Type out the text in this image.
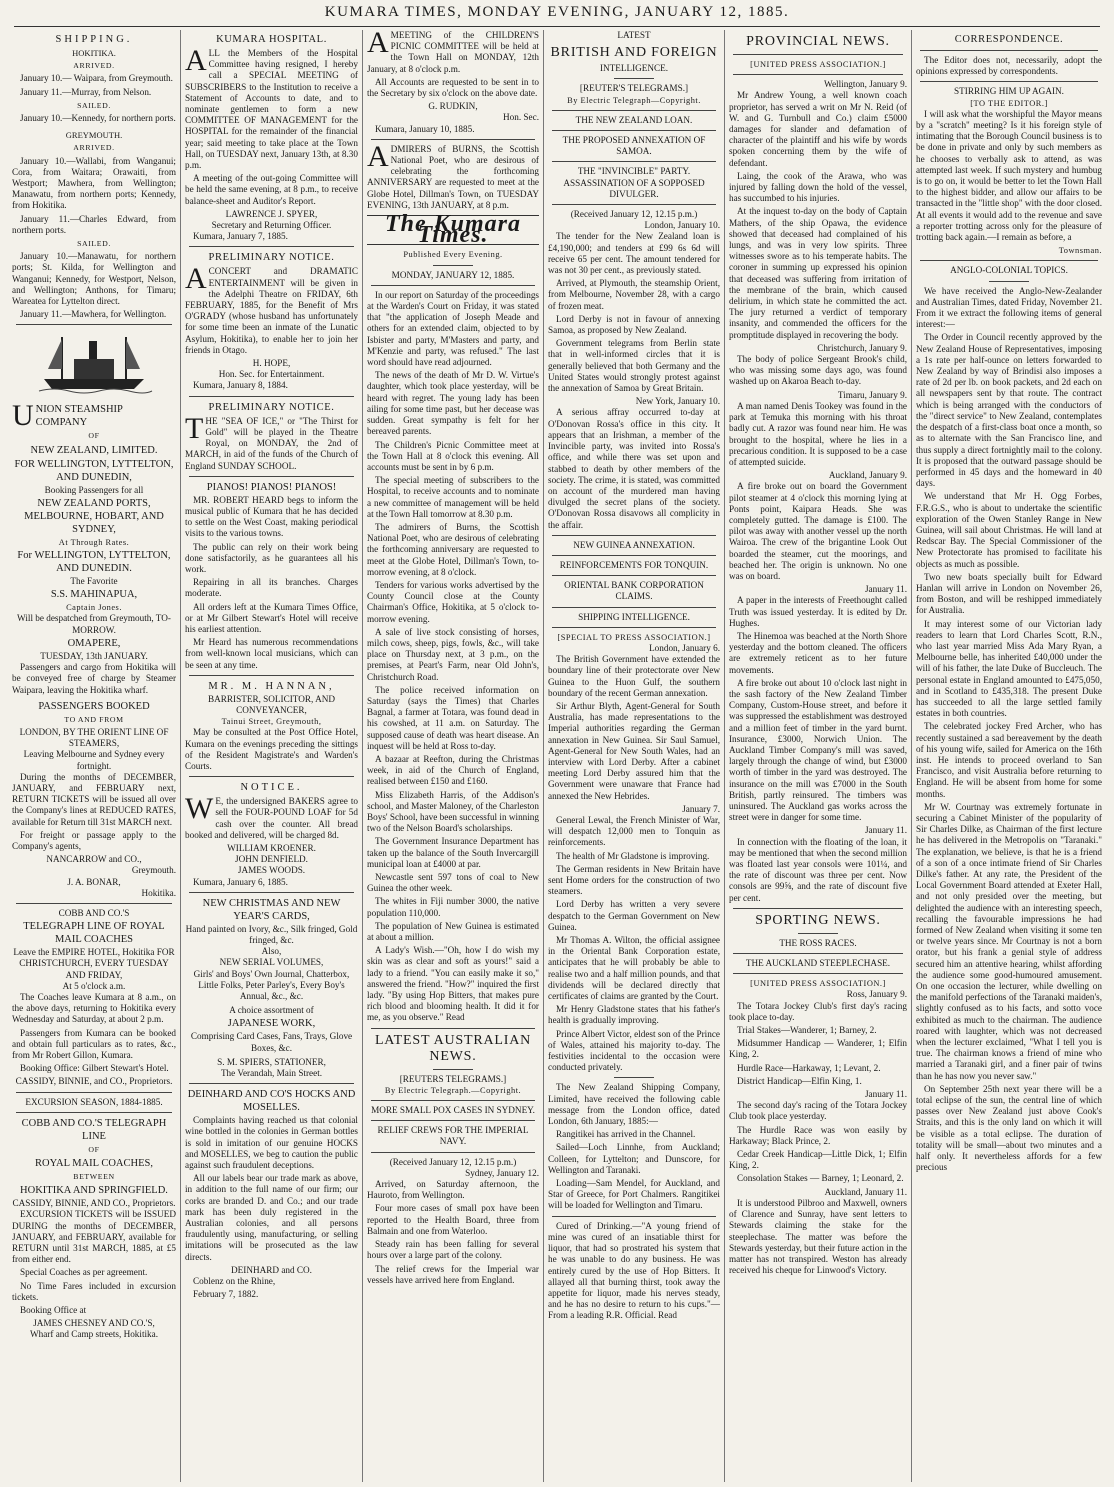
KUMARA TIMES, MONDAY EVENING, JANUARY 12, 1885.
SHIPPING.
HOKITIKA.
ARRIVED.

January 10.— Waipara, from Greymouth.

January 11.—Murray, from Nelson.

SAILED.

January 10.—Kennedy, for northern ports.

GREYMOUTH.
ARRIVED.

January 10.—Wallabi, from Wanganui; Cora, from Waitara; Orawaiti, from Westport; Mawhera, from Wellington; Manawatu, from northern ports; Kennedy, from Hokitika.

January 11.—Charles Edward, from northern ports.

SAILED.

January 10.—Manawatu, for northern ports; St. Kilda, for Wellington and Wanganui; Kennedy, for Westport, Nelson, and Wellington; Anthons, for Timaru; Wareatea for Lyttelton direct.

January 11.—Mawhera, for Wellington.

UNION STEAMSHIP COMPANY
OF
NEW ZEALAND, LIMITED.
FOR WELLINGTON, LYTTELTON, AND DUNEDIN,
Booking Passengers for all
NEW ZEALAND PORTS, MELBOURNE, HOBART, AND SYDNEY,
At Through Rates.
For WELLINGTON, LYTTELTON, AND DUNEDIN.
The Favorite
S.S. MAHINAPUA,
Captain Jones.
Will be despatched from Greymouth, TO-MORROW.
OMAPERE,
TUESDAY, 13th JANUARY.

Passengers and cargo from Hokitika will be conveyed free of charge by Steamer Waipara, leaving the Hokitika wharf.

PASSENGERS BOOKED
TO AND FROM
LONDON, BY THE ORIENT LINE OF STEAMERS,
Leaving Melbourne and Sydney every fortnight.

During the months of DECEMBER, JANUARY, and FEBRUARY next, RETURN TICKETS will be issued all over the Company's lines at REDUCED RATES, available for Return till 31st MARCH next.

For freight or passage apply to the Company's agents,

NANCARROW and CO.,
Greymouth.
J. A. BONAR,
Hokitika.
COBB AND CO.'S
TELEGRAPH LINE OF ROYAL MAIL COACHES
Leave the EMPIRE HOTEL, Hokitika FOR CHRISTCHURCH, EVERY TUESDAY AND FRIDAY,
At 5 o'clock a.m.

The Coaches leave Kumara at 8 a.m., on the above days, returning to Hokitika every Wednesday and Saturday, at about 2 p.m.

Passengers from Kumara can be booked and obtain full particulars as to rates, &c., from Mr Robert Gillon, Kumara.

Booking Office: Gilbert Stewart's Hotel.

CASSIDY, BINNIE, and CO., Proprietors.
EXCURSION SEASON, 1884-1885.
COBB AND CO.'S TELEGRAPH LINE
OF
ROYAL MAIL COACHES,
BETWEEN
HOKITIKA AND SPRINGFIELD.
CASSIDY, BINNIE, AND CO., Proprietors.

EXCURSION TICKETS will be ISSUED DURING the months of DECEMBER, JANUARY, and FEBRUARY, available for RETURN until 31st MARCH, 1885, at £5 from either end.

Special Coaches as per agreement.

No Time Fares included in excursion tickets.

Booking Office at

JAMES CHESNEY AND CO.'S,
Wharf and Camp streets, Hokitika.
KUMARA HOSPITAL.

ALL the Members of the Hospital Committee having resigned, I hereby call a SPECIAL MEETING of SUBSCRIBERS to the Institution to receive a Statement of Accounts to date, and to nominate gentlemen to form a new COMMITTEE OF MANAGEMENT for the HOSPITAL for the remainder of the financial year; said meeting to take place at the Town Hall, on TUESDAY next, January 13th, at 8.30 p.m.

A meeting of the out-going Committee will be held the same evening, at 8 p.m., to receive balance-sheet and Auditor's Report.

LAWRENCE J. SPYER,
Secretary and Returning Officer.

Kumara, January 7, 1885.

PRELIMINARY NOTICE.

ACONCERT and DRAMATIC ENTERTAINMENT will be given in the Adelphi Theatre on FRIDAY, 6th FEBRUARY, 1885, for the Benefit of Mrs O'GRADY (whose husband has unfortunately for some time been an inmate of the Lunatic Asylum, Hokitika), to enable her to join her friends in Otago.

H. HOPE,
Hon. Sec. for Entertainment.

Kumara, January 8, 1884.

PRELIMINARY NOTICE.

THE "SEA OF ICE," or "The Thirst for Gold" will be played in the Theatre Royal, on MONDAY, the 2nd of MARCH, in aid of the funds of the Church of England SUNDAY SCHOOL.

PIANOS! PIANOS! PIANOS!

MR. ROBERT HEARD begs to inform the musical public of Kumara that he has decided to settle on the West Coast, making periodical visits to the various towns.

The public can rely on their work being done satisfactorily, as he guarantees all his work.

Repairing in all its branches. Charges moderate.

All orders left at the Kumara Times Office, or at Mr Gilbert Stewart's Hotel will receive his earliest attention.

Mr Heard has numerous recommendations from well-known local musicians, which can be seen at any time.

MR. M. HANNAN,
BARRISTER, SOLICITOR, AND CONVEYANCER,
Tainui Street, Greymouth,

May be consulted at the Post Office Hotel, Kumara on the evenings preceding the sittings of the Resident Magistrate's and Warden's Courts.

NOTICE.

WE, the undersigned BAKERS agree to sell the FOUR-POUND LOAF for 5d cash over the counter. All bread booked and delivered, will be charged 8d.

WILLIAM KROENER.
JOHN DENFIELD.
JAMES WOODS.

Kumara, January 6, 1885.

NEW CHRISTMAS AND NEW YEAR'S CARDS,
Hand painted on Ivory, &c., Silk fringed, Gold fringed, &c.
Also,
NEW SERIAL VOLUMES,
Girls' and Boys' Own Journal, Chatterbox, Little Folks, Peter Parley's, Every Boy's Annual, &c., &c.
A choice assortment of
JAPANESE WORK,
Comprising Card Cases, Fans, Trays, Glove Boxes, &c.
S. M. SPIERS, STATIONER,
The Verandah, Main Street.
DEINHARD AND CO'S HOCKS AND MOSELLES.

Complaints having reached us that colonial wine bottled in the colonies in German bottles is sold in imitation of our genuine HOCKS and MOSELLES, we beg to caution the public against such fraudulent deceptions.

All our labels bear our trade mark as above, in addition to the full name of our firm; our corks are branded D. and Co.; and our trade mark has been duly registered in the Australian colonies, and all persons fraudulently using, manufacturing, or selling imitations will be prosecuted as the law directs.

DEINHARD and CO.

Coblenz on the Rhine,

February 7, 1882.

AMEETING of the CHILDREN'S PICNIC COMMITTEE will be held at the Town Hall on MONDAY, 12th January, at 8 o'clock p.m.

All Accounts are requested to be sent in to the Secretary by six o'clock on the above date.

G. RUDKIN,
Hon. Sec.

Kumara, January 10, 1885.

ADMIRERS of BURNS, the Scottish National Poet, who are desirous of celebrating the forthcoming ANNIVERSARY are requested to meet at the Globe Hotel, Dillman's Town, on TUESDAY EVENING, 13th JANUARY, at 8 p.m.

The Kumara Times.
Published Every Evening.
MONDAY, JANUARY 12, 1885.

In our report on Saturday of the proceedings at the Warden's Court on Friday, it was stated that "the application of Joseph Meade and others for an extended claim, objected to by Isbister and party, M'Masters and party, and M'Kenzie and party, was refused." The last word should have read adjourned.

The news of the death of Mr D. W. Virtue's daughter, which took place yesterday, will be heard with regret. The young lady has been ailing for some time past, but her decease was sudden. Great sympathy is felt for her bereaved parents.

The Children's Picnic Committee meet at the Town Hall at 8 o'clock this evening. All accounts must be sent in by 6 p.m.

The special meeting of subscribers to the Hospital, to receive accounts and to nominate a new committee of management will be held at the Town Hall tomorrow at 8.30 p.m.

The admirers of Burns, the Scottish National Poet, who are desirous of celebrating the forthcoming anniversary are requested to meet at the Globe Hotel, Dillman's Town, to-morrow evening, at 8 o'clock.

Tenders for various works advertised by the County Council close at the County Chairman's Office, Hokitika, at 5 o'clock to-morrow evening.

A sale of live stock consisting of horses, milch cows, sheep, pigs, fowls, &c., will take place on Thursday next, at 3 p.m., on the premises, at Peart's Farm, near Old John's, Christchurch Road.

The police received information on Saturday (says the Times) that Charles Bagnal, a farmer at Totara, was found dead in his cowshed, at 11 a.m. on Saturday. The supposed cause of death was heart disease. An inquest will be held at Ross to-day.

A bazaar at Reefton, during the Christmas week, in aid of the Church of England, realised between £150 and £160.

Miss Elizabeth Harris, of the Addison's school, and Master Maloney, of the Charleston Boys' School, have been successful in winning two of the Nelson Board's scholarships.

The Government Insurance Department has taken up the balance of the South Invercargill municipal loan at £4000 at par.

Newcastle sent 597 tons of coal to New Guinea the other week.

The whites in Fiji number 3000, the native population 110,000.

The population of New Guinea is estimated at about a million.

A Lady's Wish.—"Oh, how I do wish my skin was as clear and soft as yours!" said a lady to a friend. "You can easily make it so," answered the friend. "How?" inquired the first lady. "By using Hop Bitters, that makes pure rich blood and blooming health. It did it for me, as you observe." Read

LATEST AUSTRALIAN NEWS.
[REUTERS TELEGRAMS.]
By Electric Telegraph.—Copyright.
MORE SMALL POX CASES IN SYDNEY.
RELIEF CREWS FOR THE IMPERIAL NAVY.
(Received January 12, 12.15 p.m.)
Sydney, January 12.

Arrived, on Saturday afternoon, the Hauroto, from Wellington.

Four more cases of small pox have been reported to the Health Board, three from Balmain and one from Waterloo.

Steady rain has been falling for several hours over a large part of the colony.

The relief crews for the Imperial war vessels have arrived here from England.

LATEST
BRITISH AND FOREIGN
INTELLIGENCE.
[REUTER'S TELEGRAMS.]
By Electric Telegraph—Copyright.
THE NEW ZEALAND LOAN.
THE PROPOSED ANNEXATION OF SAMOA.
THE "INVINCIBLE" PARTY. ASSASSINATION OF A SOPPOSED DIVULGER.
(Received January 12, 12.15 p.m.)
London, January 10.

The tender for the New Zealand loan is £4,190,000; and tenders at £99 6s 6d will receive 65 per cent. The amount tendered for was not 30 per cent., as previously stated.

Arrived, at Plymouth, the steamship Orient, from Melbourne, November 28, with a cargo of frozen meat.

Lord Derby is not in favour of annexing Samoa, as proposed by New Zealand.

Government telegrams from Berlin state that in well-informed circles that it is generally believed that both Germany and the United States would strongly protest against the annexation of Samoa by Great Britain.

New York, January 10.

A serious affray occurred to-day at O'Donovan Rossa's office in this city. It appears that an Irishman, a member of the Invincible party, was invited into Rossa's office, and while there was set upon and stabbed to death by other members of the society. The crime, it is stated, was committed on account of the murdered man having divulged the secret plans of the society. O'Donovan Rossa disavows all complicity in the affair.

NEW GUINEA ANNEXATION.
REINFORCEMENTS FOR TONQUIN.
ORIENTAL BANK CORPORATION CLAIMS.
SHIPPING INTELLIGENCE.
[SPECIAL TO PRESS ASSOCIATION.]
London, January 6.

The British Government have extended the boundary line of their protectorate over New Guinea to the Huon Gulf, the southern boundary of the recent German annexation.

Sir Arthur Blyth, Agent-General for South Australia, has made representations to the Imperial authorities regarding the German annexation in New Guinea. Sir Saul Samuel, Agent-General for New South Wales, had an interview with Lord Derby. After a cabinet meeting Lord Derby assured him that the Government were unaware that France had annexed the New Hebrides.

January 7.

General Lewal, the French Minister of War, will despatch 12,000 men to Tonquin as reinforcements.

The health of Mr Gladstone is improving.

The German residents in New Britain have sent Home orders for the construction of two steamers.

Lord Derby has written a very severe despatch to the German Government on New Guinea.

Mr Thomas A. Wilton, the official assignee in the Oriental Bank Corporation estate, anticipates that he will probably be able to realise two and a half million pounds, and that dividends will be declared directly that certificates of claims are granted by the Court.

Mr Henry Gladstone states that his father's health is gradually improving.

Prince Albert Victor, eldest son of the Prince of Wales, attained his majority to-day. The festivities incidental to the occasion were conducted privately.

The New Zealand Shipping Company, Limited, have received the following cable message from the London office, dated London, 6th January, 1885:—

Rangitikei has arrived in the Channel.

Sailed—Loch Linnhe, from Auckland; Colleen, for Lyttelton; and Dunscore, for Wellington and Taranaki.

Loading—Sam Mendel, for Auckland, and Star of Greece, for Port Chalmers. Rangitikei will be loaded for Wellington and Timaru.

Cured of Drinking.—"A young friend of mine was cured of an insatiable thirst for liquor, that had so prostrated his system that he was unable to do any business. He was entirely cured by the use of Hop Bitters. It allayed all that burning thirst, took away the appetite for liquor, made his nerves steady, and he has no desire to return to his cups."—From a leading R.R. Official. Read

PROVINCIAL NEWS.
[UNITED PRESS ASSOCIATION.]
Wellington, January 9.

Mr Andrew Young, a well known coach proprietor, has served a writ on Mr N. Reid (of W. and G. Turnbull and Co.) claim £5000 damages for slander and defamation of character of the plaintiff and his wife by words spoken concerning them by the wife of defendant.

Laing, the cook of the Arawa, who was injured by falling down the hold of the vessel, has succumbed to his injuries.

At the inquest to-day on the body of Captain Mathers, of the ship Opawa, the evidence showed that deceased had complained of his lungs, and was in very low spirits. Three witnesses swore as to his temperate habits. The coroner in summing up expressed his opinion that deceased was suffering from irritation of the membrane of the brain, which caused delirium, in which state he committed the act. The jury returned a verdict of temporary insanity, and commended the officers for the promptitude displayed in recovering the body.

Christchurch, January 9.

The body of police Sergeant Brook's child, who was missing some days ago, was found washed up on Akaroa Beach to-day.

Timaru, January 9.

A man named Denis Tookey was found in the park at Temuka this morning with his throat badly cut. A razor was found near him. He was brought to the hospital, where he lies in a precarious condition. It is supposed to be a case of attempted suicide.

Auckland, January 9.

A fire broke out on board the Government pilot steamer at 4 o'clock this morning lying at Ponts point, Kaipara Heads. She was completely gutted. The damage is £100. The pilot was away with another vessel up the north Wairoa. The crew of the brigantine Look Out boarded the steamer, cut the moorings, and beached her. The origin is unknown. No one was on board.

January 11.

A paper in the interests of Freethought called Truth was issued yesterday. It is edited by Dr. Hughes.

The Hinemoa was beached at the North Shore yesterday and the bottom cleaned. The officers are extremely reticent as to her future movements.

A fire broke out about 10 o'clock last night in the sash factory of the New Zealand Timber Company, Custom-House street, and before it was suppressed the establishment was destroyed and a million feet of timber in the yard burnt. Insurance, £3000, Norwich Union. The Auckland Timber Company's mill was saved, largely through the change of wind, but £3000 worth of timber in the yard was destroyed. The insurance on the mill was £7000 in the South British, partly reinsured. The timbers was uninsured. The Auckland gas works across the street were in danger for some time.

January 11.

In connection with the floating of the loan, it may be mentioned that when the second million was floated last year consols were 101¼, and the rate of discount was three per cent. Now consols are 99⅝, and the rate of discount five per cent.

SPORTING NEWS.
THE ROSS RACES.
THE AUCKLAND STEEPLECHASE.
[UNITED PRESS ASSOCIATION.]
Ross, January 9.

The Totara Jockey Club's first day's racing took place to-day.

Trial Stakes—Wanderer, 1; Barney, 2.

Midsummer Handicap — Wanderer, 1; Elfin King, 2.

Hurdle Race—Harkaway, 1; Levant, 2.

District Handicap—Elfin King, 1.

January 11.

The second day's racing of the Totara Jockey Club took place yesterday.

The Hurdle Race was won easily by Harkaway; Black Prince, 2.

Cedar Creek Handicap—Little Dick, 1; Elfin King, 2.

Consolation Stakes — Barney, 1; Leonard, 2.

Auckland, January 11.

It is understood Pilbroo and Maxwell, owners of Clarence and Sunray, have sent letters to Stewards claiming the stake for the steeplechase. The matter was before the Stewards yesterday, but their future action in the matter has not transpired. Weston has already received his cheque for Linwood's Victory.

CORRESPONDENCE.

The Editor does not, necessarily, adopt the opinions expressed by correspondents.

STIRRING HIM UP AGAIN.
[TO THE EDITOR.]

I will ask what the worshipful the Mayor means by a "scratch" meeting? Is it his foreign style of intimating that the Borough Council business is to be done in private and only by such members as he chooses to verbally ask to attend, as was attempted last week. If such mystery and humbug is to go on, it would be better to let the Town Hall to the highest bidder, and allow our affairs to be transacted in the "little shop" with the door closed. At all events it would add to the revenue and save a reporter trotting across only for the pleasure of trotting back again.—I remain as before, a

Townsman.
ANGLO-COLONIAL TOPICS.

We have received the Anglo-New-Zealander and Australian Times, dated Friday, November 21. From it we extract the following items of general interest:—

The Order in Council recently approved by the New Zealand House of Representatives, imposing a 1s rate per half-ounce on letters forwarded to New Zealand by way of Brindisi also imposes a rate of 2d per lb. on book packets, and 2d each on all newspapers sent by that route. The contract which is being arranged with the conductors of the "direct service" to New Zealand, contemplates the despatch of a first-class boat once a month, so as to alternate with the San Francisco line, and thus supply a direct fortnightly mail to the colony. It is proposed that the outward passage should be performed in 45 days and the homeward in 40 days.

We understand that Mr H. Ogg Forbes, F.R.G.S., who is about to undertake the scientific exploration of the Owen Stanley Range in New Guinea, will sail about Christmas. He will land at Redscar Bay. The Special Commissioner of the New Protectorate has promised to facilitate his objects as much as possible.

Two new boats specially built for Edward Hanlan will arrive in London on November 26, from Boston, and will be reshipped immediately for Australia.

It may interest some of our Victorian lady readers to learn that Lord Charles Scott, R.N., who last year married Miss Ada Mary Ryan, a Melbourne belle, has inherited £40,000 under the will of his father, the late Duke of Buccleuch. The personal estate in England amounted to £475,050, and in Scotland to £435,318. The present Duke has succeeded to all the large settled family estates in both countries.

The celebrated jockey Fred Archer, who has recently sustained a sad bereavement by the death of his young wife, sailed for America on the 16th inst. He intends to proceed overland to San Francisco, and visit Australia before returning to England. He will be absent from home for some months.

Mr W. Courtnay was extremely fortunate in securing a Cabinet Minister of the popularity of Sir Charles Dilke, as Chairman of the first lecture he has delivered in the Metropolis on "Taranaki." The explanation, we believe, is that he is a friend of a son of a once intimate friend of Sir Charles Dilke's father. At any rate, the President of the Local Government Board attended at Exeter Hall, and not only presided over the meeting, but delighted the audience with an interesting speech, recalling the favourable impressions he had formed of New Zealand when visiting it some ten or twelve years since. Mr Courtnay is not a born orator, but his frank a genial style of address secured him an attentive hearing, whilst affording the audience some good-humoured amusement. On one occasion the lecturer, while dwelling on the manifold perfections of the Taranaki maiden's, slightly confused as to his facts, and sotto voce exhibited as much to the chairman. The audience roared with laughter, which was not decreased when the lecturer exclaimed, "What I tell you is true. The chairman knows a friend of mine who married a Taranaki girl, and a finer pair of twins than he has now you never saw."

On September 25th next year there will be a total eclipse of the sun, the central line of which passes over New Zealand just above Cook's Straits, and this is the only land on which it will be visible as a total eclipse. The duration of totality will be small—about two minutes and a half only. It nevertheless affords for a few precious
